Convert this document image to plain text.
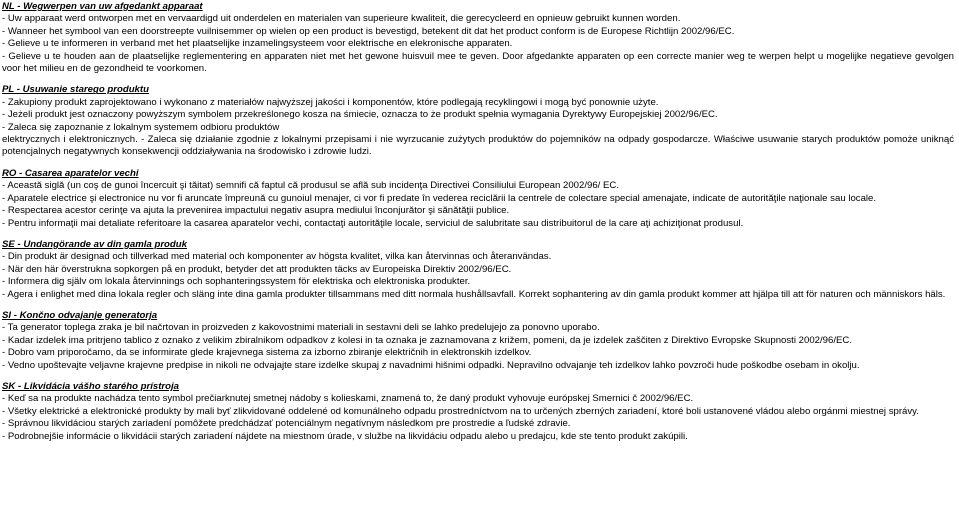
NL - Wegwerpen van uw afgedankt apparaat
- Uw apparaat werd ontworpen met en vervaardigd uit onderdelen en materialen van superieure kwaliteit, die gerecycleerd en opnieuw gebruikt kunnen worden.
- Wanneer het symbool van een doorstreepte vuilnisemmer op wielen op een product is bevestigd, betekent dit dat het product conform is de Europese Richtlijn 2002/96/EC.
- Gelieve u te informeren in verband met het plaatselijke inzamelingsysteem voor elektrische en elekronische apparaten.
- Gelieve u te houden aan de plaatselijke reglementering en apparaten niet met het gewone huisvuil mee te geven. Door afgedankte apparaten op een correcte manier weg te werpen helpt u mogelijke negatieve gevolgen voor het milieu en de gezondheid te voorkomen.
PL - Usuwanie starego produktu
- Zakupiony produkt zaprojektowano i wykonano z materiałów najwyższej jakości i komponentów, które podlegają recyklingowi i mogą być ponownie użyte.
- Jeżeli produkt jest oznaczony powyższym symbolem przekreślonego kosza na śmiecie, oznacza to że produkt spełnia wymagania Dyrektywy Europejskiej 2002/96/EC.
- Zaleca się zapoznanie z lokalnym systemem odbioru produktów
elektrycznych i elektronicznych. - Zaleca się działanie zgodnie z lokalnymi przepisami i nie wyrzucanie zużytych produktów do pojemników na odpady gospodarcze. Właściwe usuwanie starych produktów pomoże uniknąć potencjalnych negatywnych konsekwencji oddziaływania na środowisko i zdrowie ludzi.
RO - Casarea aparatelor vechi
- Această siglă (un coş de gunoi încercuit şi tăitat) semnifi că faptul că produsul se află sub incidenţa Directivei Consiliului European 2002/96/ EC.
- Aparatele electrice şi electronice nu vor fi aruncate împreună cu gunoiul menajer, ci vor fi predate în vederea reciclării la centrele de colectare special amenajate, indicate de autorităţile naţionale sau locale.
- Respectarea acestor cerinţe va ajuta la prevenirea impactului negativ asupra mediului înconjurător şi sănătăţii publice.
- Pentru informaţii mai detaliate referitoare la casarea aparatelor vechi, contactaţi autorităţile locale, serviciul de salubritate sau distribuitorul de la care aţi achiziţionat produsul.
SE - Undangörande av din gamla produk
- Din produkt är designad och tillverkad med material och komponenter av högsta kvalitet, vilka kan återvinnas och återanvändas.
- När den här överstrukna sopkorgen på en produkt, betyder det att produkten täcks av Europeiska Direktiv 2002/96/EC.
- Informera dig själv om lokala återvinnings och sophanteringssystem för elektriska och elektroniska produkter.
- Agera i enlighet med dina lokala regler och släng inte dina gamla produkter tillsammans med ditt normala hushållsavfall. Korrekt sophantering av din gamla produkt kommer att hjälpa till att för naturen och människors häls.
SI - Končno odvajanje generatorja
- Ta generator toplega zraka je bil načrtovan in proizveden z kakovostnimi materiali in sestavni deli se lahko predelujejo za ponovno uporabo.
- Kadar izdelek ima pritrjeno tablico z oznako z velikim zbiralnikom odpadkov z kolesi in ta oznaka je zaznamovana z križem, pomeni, da je izdelek zaščiten z Direktivo Evropske Skupnosti 2002/96/EC.
- Dobro vam priporočamo, da se informirate glede krajevnega sistema za izborno zbiranje električnih in elektronskih izdelkov.
- Vedno upoštevajte veljavne krajevne predpise in nikoli ne odvajajte stare izdelke skupaj z navadnimi hišnimi odpadki. Nepravilno odvajanje teh izdelkov lahko povzroči hude poškodbe osebam in okolju.
SK - Likvidácia vášho starého prístroja
- Keď sa na produkte nachádza tento symbol prečiarknutej smetnej nádoby s kolieskami, znamená to, že daný produkt vyhovuje európskej Smernici č 2002/96/EC.
- Všetky elektrické a elektronické produkty by mali byť zlikvidované oddelené od komunálneho odpadu prostredníctvom na to určených zberných zariadení, ktoré boli ustanovené vládou alebo orgánmi miestnej správy.
- Správnou likvidáciou starých zariadení pomôžete predchádzať potenciálnym negatívnym následkom pre prostredie a ľudské zdravie.
- Podrobnejšie informácie o likvidácii starých zariadení nájdete na miestnom úrade, v službe na likvidáciu odpadu alebo u predajcu, kde ste tento produkt zakúpili.
